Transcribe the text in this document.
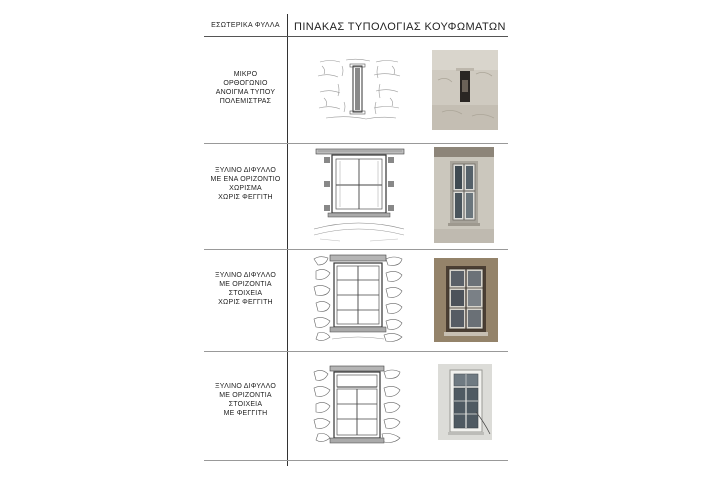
ΕΣΩΤΕΡΙΚΑ ΦΥΛΛΑ	ΠΙΝΑΚΑΣ ΤΥΠΟΛΟΓΙΑΣ ΚΟΥΦΩΜΑΤΩΝ
ΜΙΚΡΟ
ΟΡΘΟΓΩΝΙΟ
ΑΝΟΙΓΜΑ ΤΥΠΟΥ
ΠΟΛΕΜΙΣΤΡΑΣ
ΞΥΛΙΝΟ ΔΙΦΥΛΛΟ
ΜΕ ΕΝΑ ΟΡΙΖΟΝΤΙΟ
ΧΩΡΙΣΜΑ
ΧΩΡΙΣ ΦΕΓΓΙΤΗ
ΞΥΛΙΝΟ ΔΙΦΥΛΛΟ
ΜΕ ΟΡΙΖΟΝΤΙΑ
ΣΤΟΙΧΕΙΑ
ΧΩΡΙΣ ΦΕΓΓΙΤΗ
ΞΥΛΙΝΟ ΔΙΦΥΛΛΟ
ΜΕ ΟΡΙΖΟΝΤΙΑ
ΣΤΟΙΧΕΙΑ
ΜΕ ΦΕΓΓΙΤΗ
